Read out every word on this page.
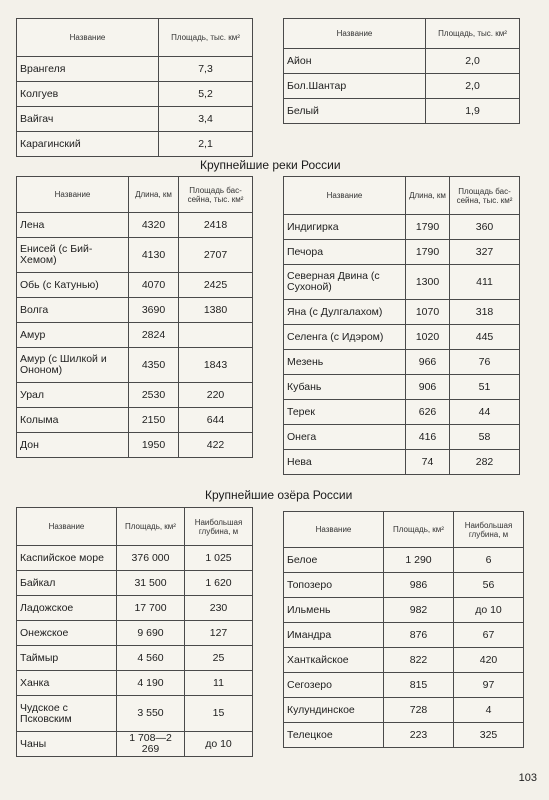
Название	Площадь, тыс. км²
Врангеля	7,3
Колгуев	5,2
Вайгач	3,4
Карагинский	2,1
Название	Площадь, тыс. км²
Айон	2,0
Бол.Шантар	2,0
Белый	1,9
Крупнейшие реки России
Название	Длина, км	Площадь бас-сейна, тыс. км²
Лена	4320	2418
Енисей (с Бий-Хемом)	4130	2707
Обь (с Катунью)	4070	2425
Волга	3690	1380
Амур	2824	
Амур (с Шилкой и Ононом)	4350	1843
Урал	2530	220
Колыма	2150	644
Дон	1950	422
Название	Длина, км	Площадь бас-сейна, тыс. км²
Индигирка	1790	360
Печора	1790	327
Северная Двина (с Сухоной)	1300	411
Яна (с Дулгалахом)	1070	318
Селенга (с Идэром)	1020	445
Мезень	966	76
Кубань	906	51
Терек	626	44
Онега	416	58
Нева	74	282
Крупнейшие озёра России
Название	Площадь, км²	Наибольшая глубина, м
Каспийское море	376 000	1 025
Байкал	31 500	1 620
Ладожское	17 700	230
Онежское	9 690	127
Таймыр	4 560	25
Ханка	4 190	11
Чудское с Псковским	3 550	15
Чаны	1 708—2 269	до 10
Название	Площадь, км²	Наибольшая глубина, м
Белое	1 290	6
Топозеро	986	56
Ильмень	982	до 10
Имандра	876	67
Ханткайское	822	420
Сегозеро	815	97
Кулундинское	728	4
Телецкое	223	325
103
